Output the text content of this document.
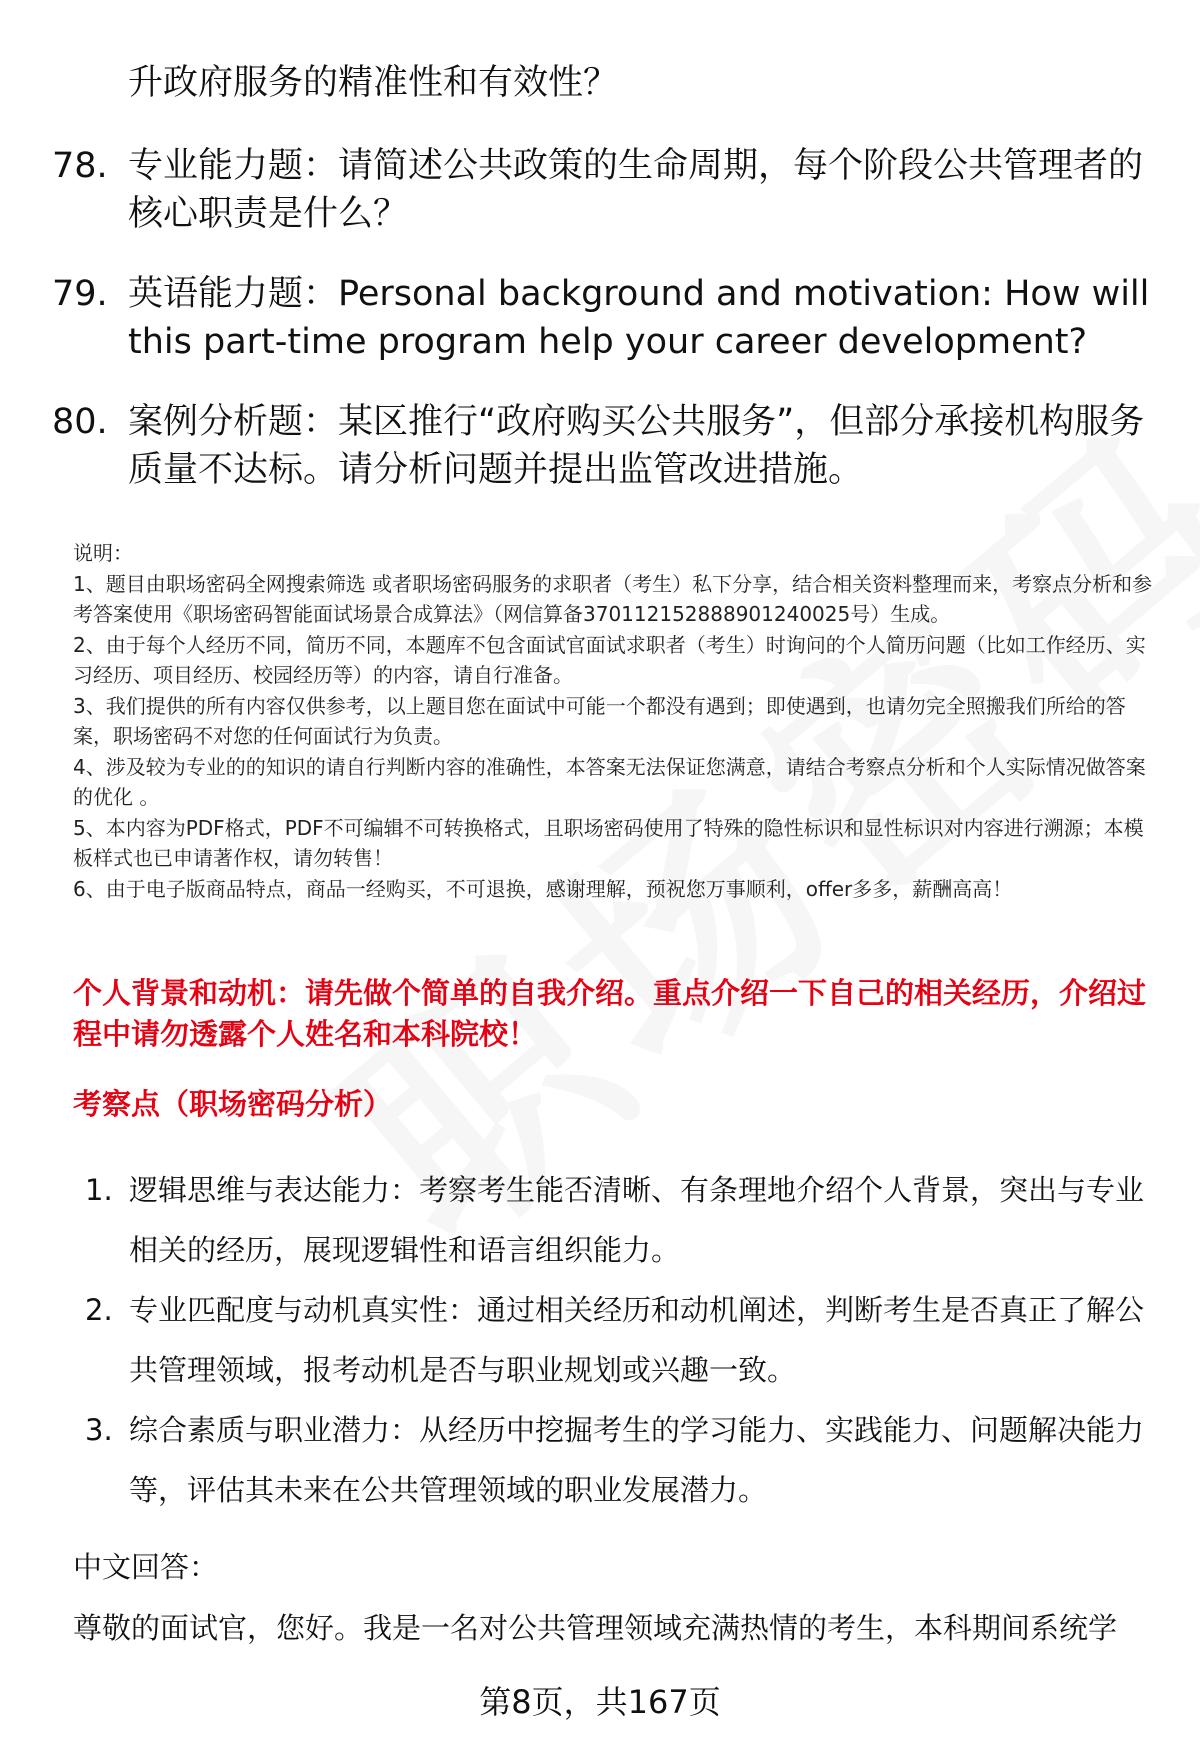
升政府服务的精准性和有效性？
78. 专业能力题：请简述公共政策的生命周期，每个阶段公共管理者的核心职责是什么？
79. 英语能力题：Personal background and motivation: How will this part-time program help your career development?
80. 案例分析题：某区推行“政府购买公共服务”，但部分承接机构服务质量不达标。请分析问题并提出监管改进措施。

说明：

1、题目由职场密码全网搜索筛选 或者职场密码服务的求职者（考生）私下分享，结合相关资料整理而来，考察点分析和参考答案使用《职场密码智能面试场景合成算法》（网信算备370112152888901240025号）生成。

2、由于每个人经历不同，简历不同，本题库不包含面试官面试求职者（考生）时询问的个人简历问题（比如工作经历、实习经历、项目经历、校园经历等）的内容，请自行准备。

3、我们提供的所有内容仅供参考，以上题目您在面试中可能一个都没有遇到；即使遇到，也请勿完全照搬我们所给的答案，职场密码不对您的任何面试行为负责。

4、涉及较为专业的的知识的请自行判断内容的准确性，本答案无法保证您满意，请结合考察点分析和个人实际情况做答案的优化 。

5、本内容为PDF格式，PDF不可编辑不可转换格式，且职场密码使用了特殊的隐性标识和显性标识对内容进行溯源；本模板样式也已申请著作权，请勿转售！

6、由于电子版商品特点，商品一经购买，不可退换，感谢理解，预祝您万事顺利，offer多多，薪酬高高！

个人背景和动机：请先做个简单的自我介绍。重点介绍一下自己的相关经历，介绍过程中请勿透露个人姓名和本科院校！
考察点（职场密码分析）
1. 逻辑思维与表达能力：考察考生能否清晰、有条理地介绍个人背景，突出与专业相关的经历，展现逻辑性和语言组织能力。
2. 专业匹配度与动机真实性：通过相关经历和动机阐述，判断考生是否真正了解公共管理领域，报考动机是否与职业规划或兴趣一致。
3. 综合素质与职业潜力：从经历中挖掘考生的学习能力、实践能力、问题解决能力等，评估其未来在公共管理领域的职业发展潜力。
中文回答：
尊敬的面试官，您好。我是一名对公共管理领域充满热情的考生，本科期间系统学
第8页，共167页
